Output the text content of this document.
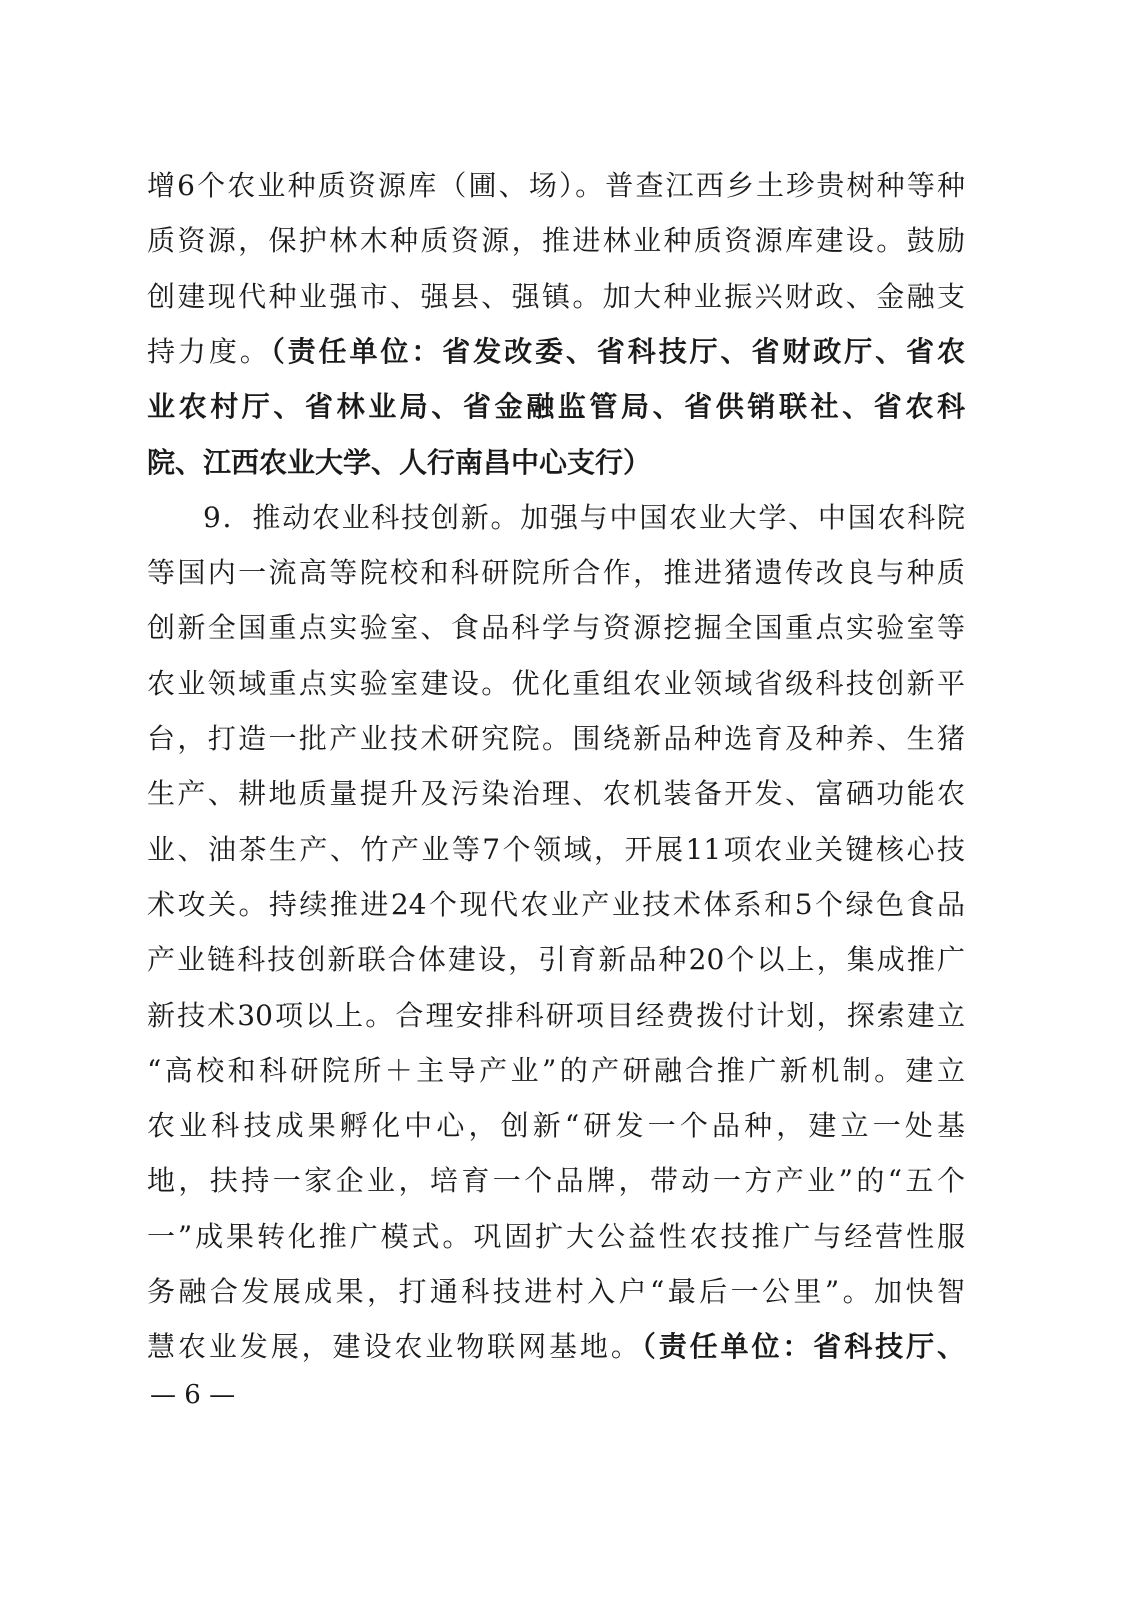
增6个农业种质资源库（圃、场）。普查江西乡土珍贵树种等种
质资源，保护林木种质资源，推进林业种质资源库建设。鼓励
创建现代种业强市、强县、强镇。加大种业振兴财政、金融支
持力度。（责任单位：省发改委、省科技厅、省财政厅、省农
业农村厅、省林业局、省金融监管局、省供销联社、省农科
院、江西农业大学、人行南昌中心支行）
9．推动农业科技创新。加强与中国农业大学、中国农科院
等国内一流高等院校和科研院所合作，推进猪遗传改良与种质
创新全国重点实验室、食品科学与资源挖掘全国重点实验室等
农业领域重点实验室建设。优化重组农业领域省级科技创新平
台，打造一批产业技术研究院。围绕新品种选育及种养、生猪
生产、耕地质量提升及污染治理、农机装备开发、富硒功能农
业、油茶生产、竹产业等7个领域，开展11项农业关键核心技
术攻关。持续推进24个现代农业产业技术体系和5个绿色食品
产业链科技创新联合体建设，引育新品种20个以上，集成推广
新技术30项以上。合理安排科研项目经费拨付计划，探索建立
“高校和科研院所＋主导产业”的产研融合推广新机制。建立
农业科技成果孵化中心，创新“研发一个品种，建立一处基
地，扶持一家企业，培育一个品牌，带动一方产业”的“五个
一”成果转化推广模式。巩固扩大公益性农技推广与经营性服
务融合发展成果，打通科技进村入户“最后一公里”。加快智
慧农业发展，建设农业物联网基地。（责任单位：省科技厅、
— 6 —
